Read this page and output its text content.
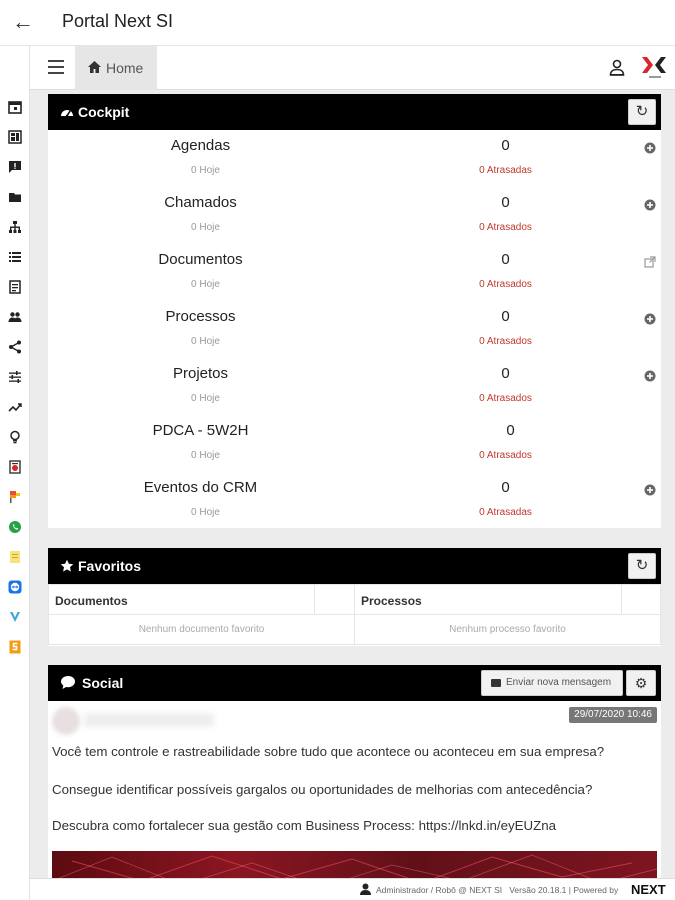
← Portal Next SI
Home
Cockpit	↻
Agendas	0
0 Hoje	0 Atrasadas
Chamados	0
0 Hoje	0 Atrasados
Documentos	0
0 Hoje	0 Atrasados
Processos	0
0 Hoje	0 Atrasados
Projetos	0
0 Hoje	0 Atrasados
PDCA - 5W2H	0
0 Hoje	0 Atrasados
Eventos do CRM	0
0 Hoje	0 Atrasadas
Favoritos	↻
Documentos	Processos
Nenhum documento favorito	Nenhum processo favorito
Social	Enviar nova mensagem	⚙
29/07/2020 10:46
Você tem controle e rastreabilidade sobre tudo que acontece ou aconteceu em sua empresa?
Consegue identificar possíveis gargalos ou oportunidades de melhorias com antecedência?
Descubra como fortalecer sua gestão com Business Process: https://lnkd.in/eyEUZna
Administrador / Robô @ NEXT SI Versão 20.18.1 | Powered by NEXT
